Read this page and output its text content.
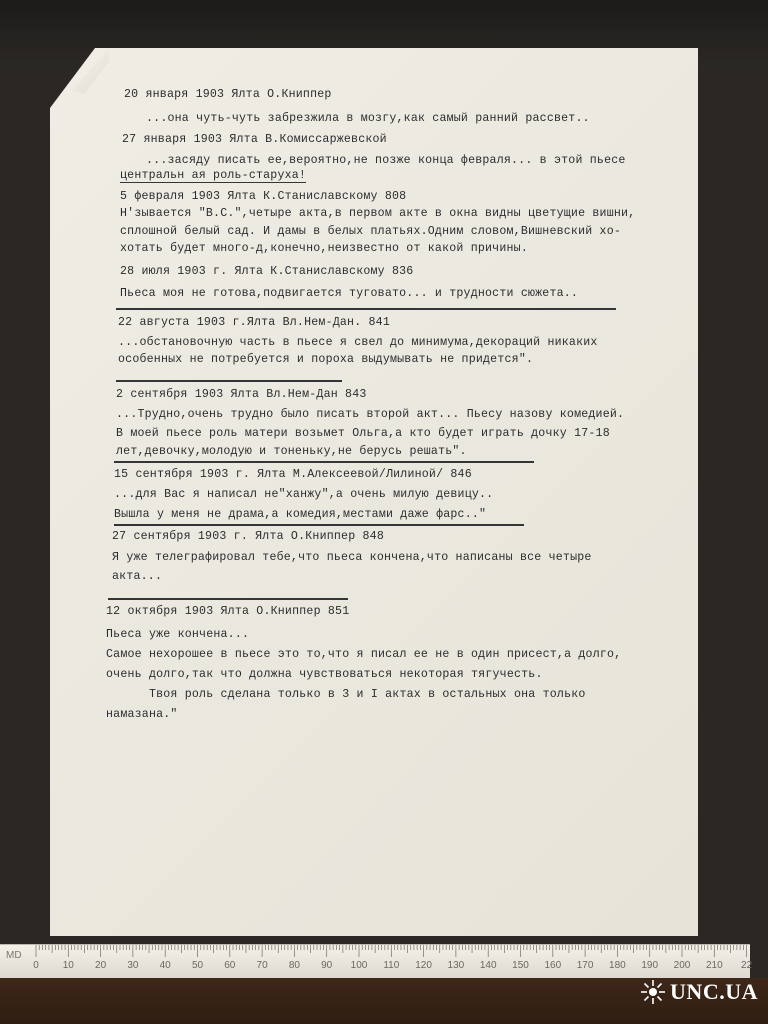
20 января 1903 Ялта О.Книппер
...она чуть-чуть забрезжила в мозгу,как самый ранний рассвет..
27 января 1903 Ялта В.Комиссаржевской
...засяду писать ее,вероятно,не позже конца февраля... в этой пьесе
центральн ая роль-старуха!
5 февраля 1903 Ялта К.Станиславскому 808
Н'зывается "В.С.",четыре акта,в первом акте в окна видны цветущие вишни,
сплошной белый сад. И дамы в белых платьях.Одним словом,Вишневский хо-
хотать будет много-д,конечно,неизвестно от какой причины.
28 июля 1903 г. Ялта К.Станиславскому 836
Пьеса моя не готова,подвигается туговато... и трудности сюжета..
22 августа 1903 г.Ялта Вл.Нем-Дан. 841
...обстановочную часть в пьесе я свел до минимума,декораций никаких
особенных не потребуется и пороха выдумывать не придется".
2 сентября 1903 Ялта Вл.Нем-Дан 843
...Трудно,очень трудно было писать второй акт... Пьесу назову комедией.
В моей пьесе роль матери возьмет Ольга,а кто будет играть дочку 17-18
лет,девочку,молодую и тоненьку,не берусь решать".
15 сентября 1903 г. Ялта М.Алексеевой/Лилиной/ 846
...для Вас я написал не"ханжу",а очень милую девицу..
Вышла у меня не драма,а комедия,местами даже фарс.."
27 сентября 1903 г. Ялта О.Книппер 848
Я уже телеграфировал тебе,что пьеса кончена,что написаны все четыре
акта...
12 октября 1903 Ялта О.Книппер 851
Пьеса уже кончена...
Самое нехорошее в пьесе это то,что я писал ее не в один присест,а долго,
очень долго,так что должна чувствоваться некоторая тягучесть.
Твоя роль сделана только в 3 и I актах в остальных она только
намазана."
MD
0 10 20 30 40 50 60 70 80 90 100 110 120 130 140 150 160 170 180 190 200 210 22
UNC.UA
